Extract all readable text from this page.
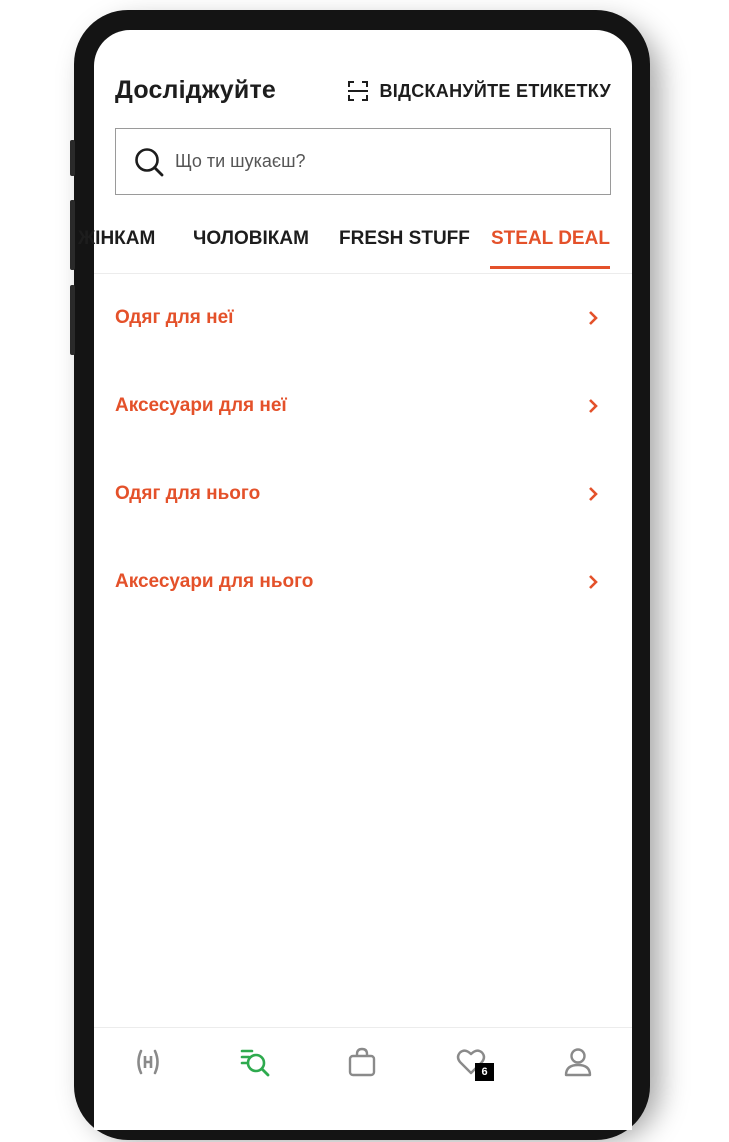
Досліджуйте	ВІДСКАНУЙТЕ ЕТИКЕТКУ
Що ти шукаєш?
ЖІНКАМ ЧОЛОВІКАМ FRESH STUFF STEAL DEAL
Одяг для неї
Аксесуари для неї
Одяг для нього
Аксесуари для нього
6
